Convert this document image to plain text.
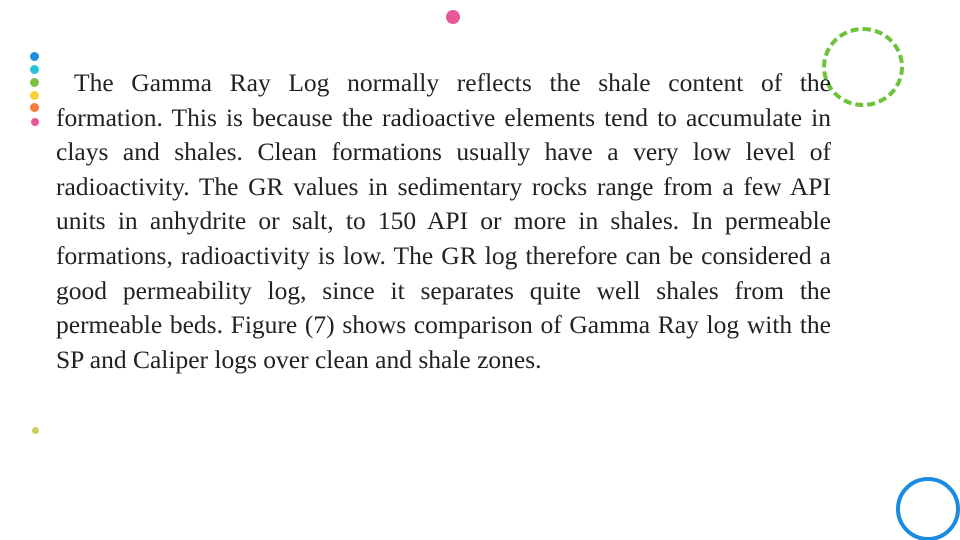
The Gamma Ray Log normally reflects the shale content of the formation. This is because the radioactive elements tend to accumulate in clays and shales. Clean formations usually have a very low level of radioactivity. The GR values in sedimentary rocks range from a few API units in anhydrite or salt, to 150 API or more in shales. In permeable formations, radioactivity is low. The GR log therefore can be considered a good permeability log, since it separates quite well shales from the permeable beds. Figure (7) shows comparison of Gamma Ray log with the SP and Caliper logs over clean and shale zones.
